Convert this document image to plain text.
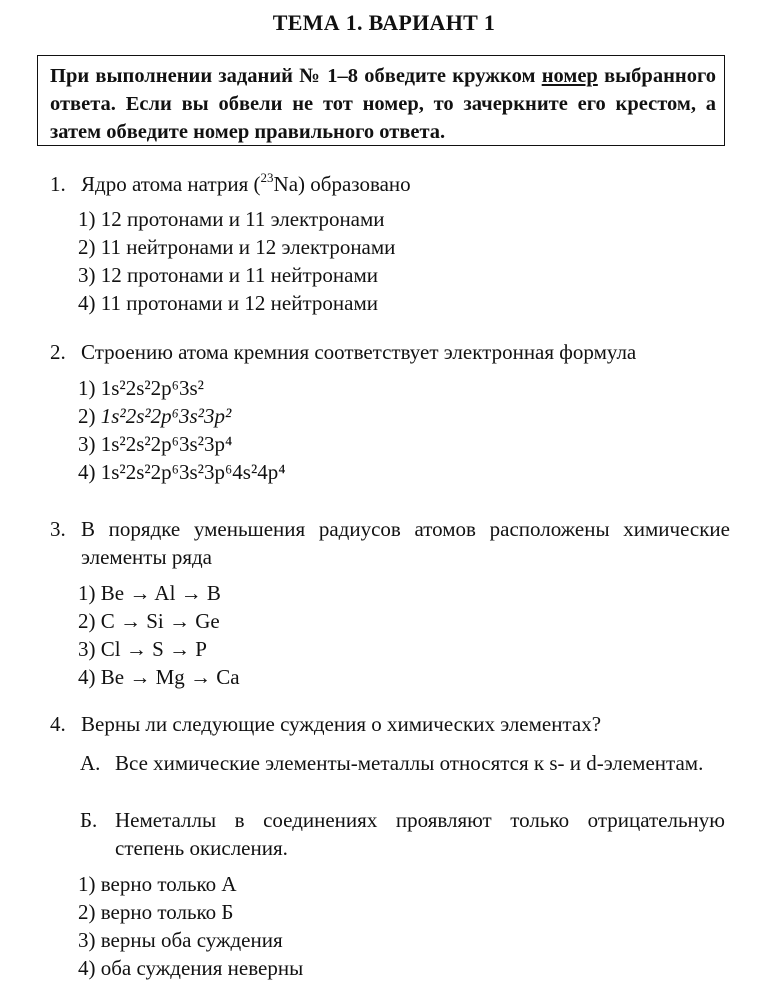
ТЕМА 1. ВАРИАНТ 1
При выполнении заданий № 1–8 обведите кружком номер выбранного ответа. Если вы обвели не тот номер, то зачеркните его крестом, а затем обведите номер правильного ответа.
1. Ядро атома натрия ($^{23}$Na) образовано
1) 12 протонами и 11 электронами
2) 11 нейтронами и 12 электронами
3) 12 протонами и 11 нейтронами
4) 11 протонами и 12 нейтронами
2. Строению атома кремния соответствует электронная формула
1) 1s²2s²2p⁶3s²
2) 1s²2s²2p⁶3s²3p²
3) 1s²2s²2p⁶3s²3p⁴
4) 1s²2s²2p⁶3s²3p⁶4s²4p⁴
3. В порядке уменьшения радиусов атомов расположены химические элементы ряда
1) Be → Al → B
2) C → Si → Ge
3) Cl → S → P
4) Be → Mg → Ca
4. Верны ли следующие суждения о химических элементах?
А. Все химические элементы-металлы относятся к s- и d-элементам.
Б. Неметаллы в соединениях проявляют только отрицательную степень окисления.
1) верно только А
2) верно только Б
3) верны оба суждения
4) оба суждения неверны
